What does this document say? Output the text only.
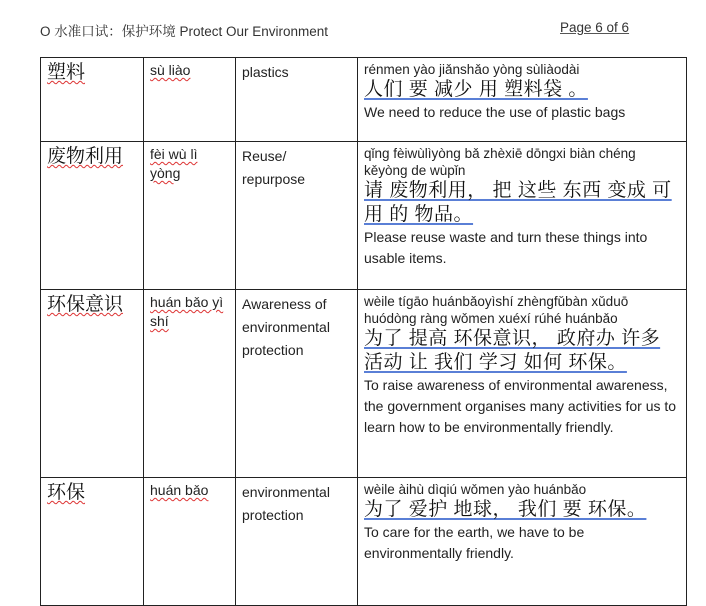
O 水准口试：保护环境 Protect Our Environment	Page 6 of 6
塑料	sù liào	plastics	rénmen yào jiǎnshǎo yòng sùliàodài
人们 要 减少 用 塑料袋 。
We need to reduce the use of plastic bags

废物利用	fèi wù lì yòng	Reuse/ repurpose	qǐng fèiwùlìyòng bǎ zhèxiē dōngxi biàn chéng kěyòng de wùpǐn
请 废物利用， 把 这些 东西 变成 可用 的 物品。
Please reuse waste and turn these things into usable items.

环保意识	huán bǎo yì shí	Awareness of environmental protection	wèile tígāo huánbǎoyìshí zhèngfǔbàn xǔduō huódòng ràng wǒmen xuéxí rúhé huánbǎo
为了 提高 环保意识， 政府办 许多 活动 让 我们 学习 如何 环保。
To raise awareness of environmental awareness, the government organises many activities for us to learn how to be environmentally friendly.

环保	huán bǎo	environmental protection	wèile àihù dìqiú wǒmen yào huánbǎo
为了 爱护 地球， 我们 要 环保。
To care for the earth, we have to be environmentally friendly.
